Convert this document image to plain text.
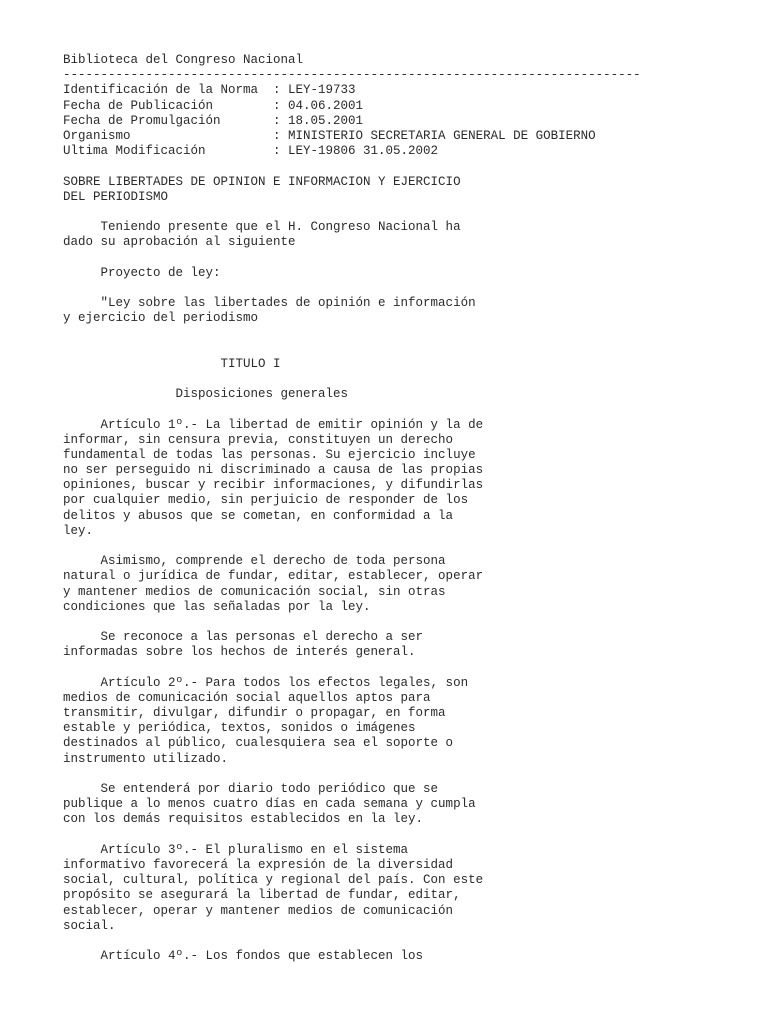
Biblioteca del Congreso Nacional
-----------------------------------------------------------------------------
Identificación de la Norma  : LEY-19733
Fecha de Publicación        : 04.06.2001
Fecha de Promulgación       : 18.05.2001
Organismo                   : MINISTERIO SECRETARIA GENERAL DE GOBIERNO
Ultima Modificación         : LEY-19806 31.05.2002
SOBRE LIBERTADES DE OPINION E INFORMACION Y EJERCICIO
DEL PERIODISMO
Teniendo presente que el H. Congreso Nacional ha
dado su aprobación al siguiente
Proyecto de ley:
"Ley sobre las libertades de opinión e información
y ejercicio del periodismo
TITULO I
Disposiciones generales
Artículo 1º.- La libertad de emitir opinión y la de
informar, sin censura previa, constituyen un derecho
fundamental de todas las personas. Su ejercicio incluye
no ser perseguido ni discriminado a causa de las propias
opiniones, buscar y recibir informaciones, y difundirlas
por cualquier medio, sin perjuicio de responder de los
delitos y abusos que se cometan, en conformidad a la
ley.
Asimismo, comprende el derecho de toda persona
natural o jurídica de fundar, editar, establecer, operar
y mantener medios de comunicación social, sin otras
condiciones que las señaladas por la ley.
Se reconoce a las personas el derecho a ser
informadas sobre los hechos de interés general.
Artículo 2º.- Para todos los efectos legales, son
medios de comunicación social aquellos aptos para
transmitir, divulgar, difundir o propagar, en forma
estable y periódica, textos, sonidos o imágenes
destinados al público, cualesquiera sea el soporte o
instrumento utilizado.
Se entenderá por diario todo periódico que se
publique a lo menos cuatro días en cada semana y cumpla
con los demás requisitos establecidos en la ley.
Artículo 3º.- El pluralismo en el sistema
informativo favorecerá la expresión de la diversidad
social, cultural, política y regional del país. Con este
propósito se asegurará la libertad de fundar, editar,
establecer, operar y mantener medios de comunicación
social.
Artículo 4º.- Los fondos que establecen los
